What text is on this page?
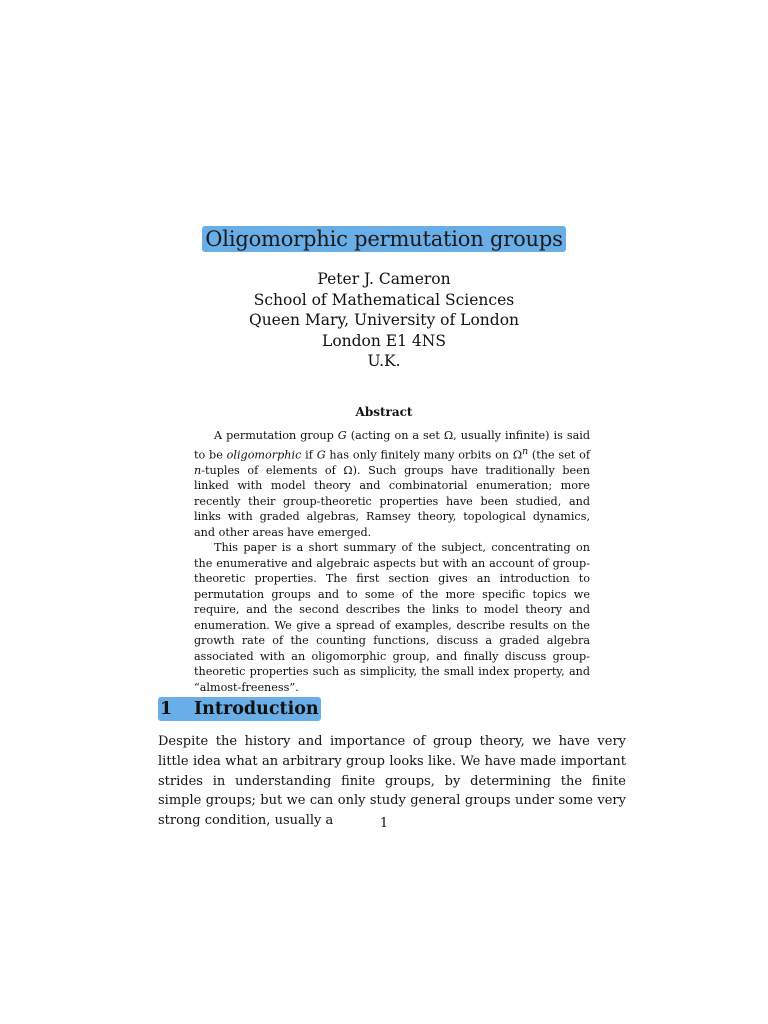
Oligomorphic permutation groups
Peter J. Cameron
School of Mathematical Sciences
Queen Mary, University of London
London E1 4NS
U.K.
Abstract

A permutation group G (acting on a set Ω, usually infinite) is said to be oligomorphic if G has only finitely many orbits on $\Omega^n$ (the set of n-tuples of elements of Ω). Such groups have traditionally been linked with model theory and combinatorial enumeration; more recently their group-theoretic properties have been studied, and links with graded algebras, Ramsey theory, topological dynamics, and other areas have emerged.

This paper is a short summary of the subject, concentrating on the enumerative and algebraic aspects but with an account of group-theoretic properties. The first section gives an introduction to permutation groups and to some of the more specific topics we require, and the second describes the links to model theory and enumeration. We give a spread of examples, describe results on the growth rate of the counting functions, discuss a graded algebra associated with an oligomorphic group, and finally discuss group-theoretic properties such as simplicity, the small index property, and “almost-freeness”.

1 Introduction

Despite the history and importance of group theory, we have very little idea what an arbitrary group looks like. We have made important strides in understanding finite groups, by determining the finite simple groups; but we can only study general groups under some very strong condition, usually a	1
